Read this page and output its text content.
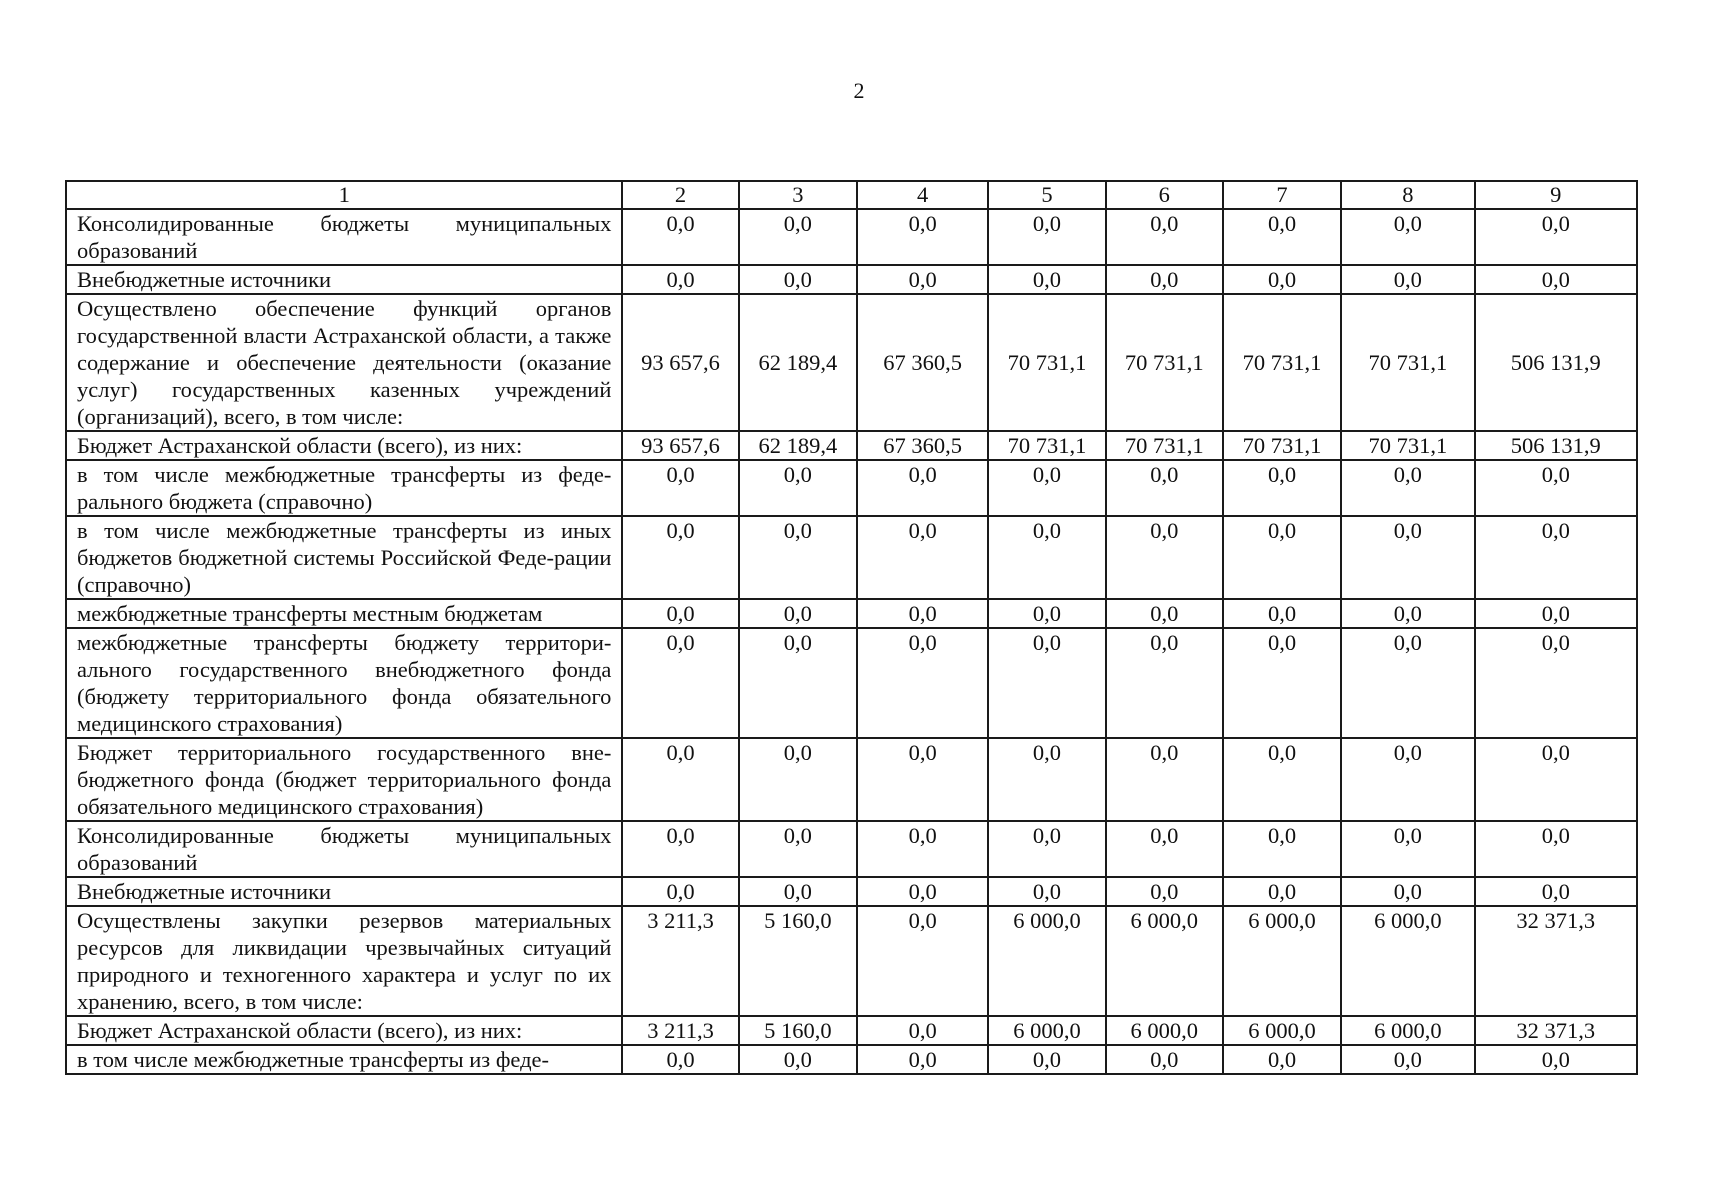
2
1	2	3	4	5	6	7	8	9
Консолидированные бюджеты муниципальных образований	0,0	0,0	0,0	0,0	0,0	0,0	0,0	0,0
Внебюджетные источники	0,0	0,0	0,0	0,0	0,0	0,0	0,0	0,0
Осуществлено обеспечение функций органов государственной власти Астраханской области, а также содержание и обеспечение деятельности (оказание услуг) государственных казенных учреждений (организаций), всего, в том числе:	93 657,6	62 189,4	67 360,5	70 731,1	70 731,1	70 731,1	70 731,1	506 131,9
Бюджет Астраханской области (всего), из них:	93 657,6	62 189,4	67 360,5	70 731,1	70 731,1	70 731,1	70 731,1	506 131,9
в том числе межбюджетные трансферты из феде-рального бюджета (справочно)	0,0	0,0	0,0	0,0	0,0	0,0	0,0	0,0
в том числе межбюджетные трансферты из иных бюджетов бюджетной системы Российской Феде-рации (справочно)	0,0	0,0	0,0	0,0	0,0	0,0	0,0	0,0
межбюджетные трансферты местным бюджетам	0,0	0,0	0,0	0,0	0,0	0,0	0,0	0,0
межбюджетные трансферты бюджету территори-ального государственного внебюджетного фонда (бюджету территориального фонда обязательного медицинского страхования)	0,0	0,0	0,0	0,0	0,0	0,0	0,0	0,0
Бюджет территориального государственного вне-бюджетного фонда (бюджет территориального фонда обязательного медицинского страхования)	0,0	0,0	0,0	0,0	0,0	0,0	0,0	0,0
Консолидированные бюджеты муниципальных образований	0,0	0,0	0,0	0,0	0,0	0,0	0,0	0,0
Внебюджетные источники	0,0	0,0	0,0	0,0	0,0	0,0	0,0	0,0
Осуществлены закупки резервов материальных ресурсов для ликвидации чрезвычайных ситуаций природного и техногенного характера и услуг по их хранению, всего, в том числе:	3 211,3	5 160,0	0,0	6 000,0	6 000,0	6 000,0	6 000,0	32 371,3
Бюджет Астраханской области (всего), из них:	3 211,3	5 160,0	0,0	6 000,0	6 000,0	6 000,0	6 000,0	32 371,3
в том числе межбюджетные трансферты из феде-	0,0	0,0	0,0	0,0	0,0	0,0	0,0	0,0
